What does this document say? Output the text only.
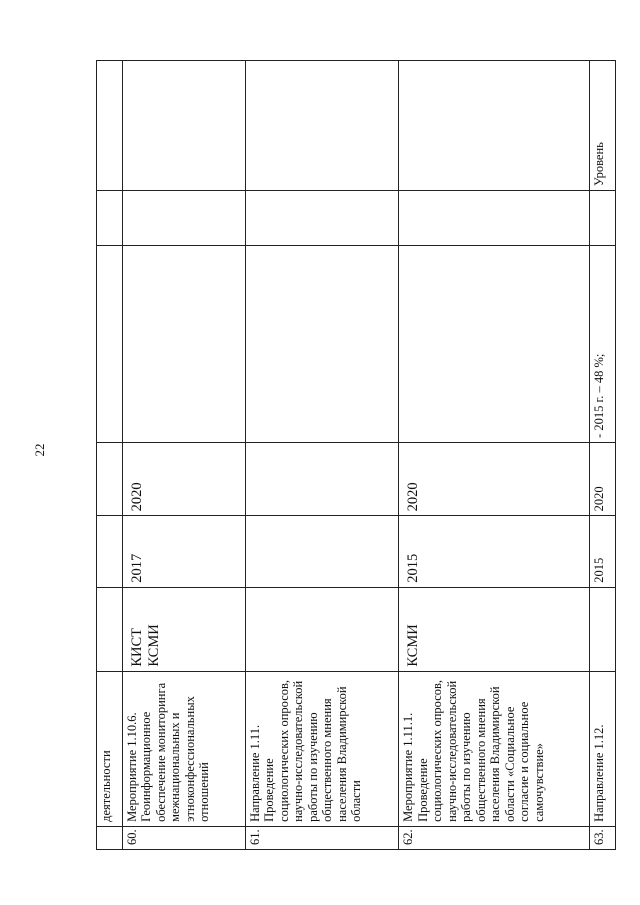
22
	деятельности						
60.	Мероприятие 1.10.6. Геоинформационное обеспечение мониторинга межнациональных и этноконфессиональных отношений	КИСТ КСМИ	2017	2020			
61.	Направление 1.11. Проведение социологических опросов, научно-исследовательской работы по изучению общественного мнения населения Владимирской области						
62.	Мероприятие 1.11.1. Проведение социологических опросов, научно-исследовательской работы по изучению общественного мнения населения Владимирской области «Социальное согласие и социальное самочувствие»	КСМИ	2015	2020			
63.	Направление 1.12.		2015	2020	- 2015 г. – 48 %;		Уровень
